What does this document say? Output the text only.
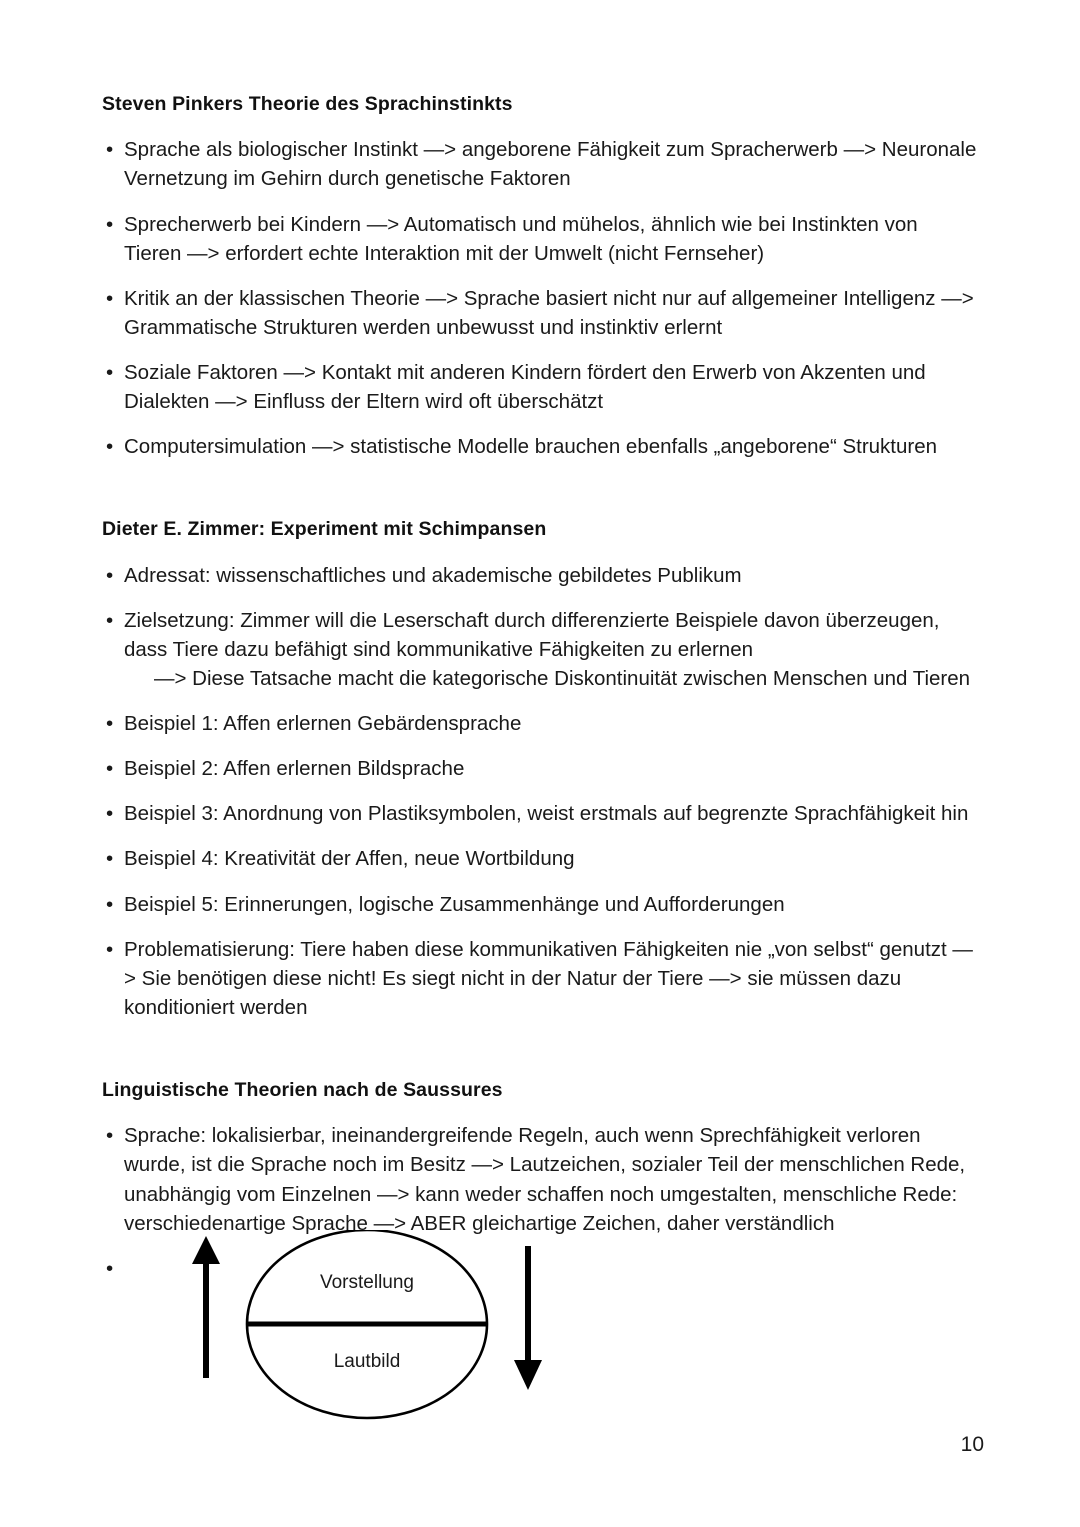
Steven Pinkers Theorie des Sprachinstinkts
• Sprache als biologischer Instinkt —> angeborene Fähigkeit zum Spracherwerb —> Neuronale Vernetzung im Gehirn durch genetische Faktoren
• Sprecherwerb bei Kindern —> Automatisch und mühelos, ähnlich wie bei Instinkten von Tieren —> erfordert echte Interaktion mit der Umwelt (nicht Fernseher)
• Kritik an der klassischen Theorie —> Sprache basiert nicht nur auf allgemeiner Intelligenz —> Grammatische Strukturen werden unbewusst und instinktiv erlernt
• Soziale Faktoren —> Kontakt mit anderen Kindern fördert den Erwerb von Akzenten und Dialekten —> Einfluss der Eltern wird oft überschätzt
• Computersimulation —> statistische Modelle brauchen ebenfalls „angeborene“ Strukturen
Dieter E. Zimmer: Experiment mit Schimpansen
• Adressat: wissenschaftliches und akademische gebildetes Publikum
• Zielsetzung: Zimmer will die Leserschaft durch differenzierte Beispiele davon überzeugen, dass Tiere dazu befähigt sind kommunikative Fähigkeiten zu erlernen
—> Diese Tatsache macht die kategorische Diskontinuität zwischen Menschen und Tieren
• Beispiel 1: Affen erlernen Gebärdensprache
• Beispiel 2: Affen erlernen Bildsprache
• Beispiel 3: Anordnung von Plastiksymbolen, weist erstmals auf begrenzte Sprachfähigkeit hin
• Beispiel 4: Kreativität der Affen, neue Wortbildung
• Beispiel 5: Erinnerungen, logische Zusammenhänge und Aufforderungen
• Problematisierung: Tiere haben diese kommunikativen Fähigkeiten nie „von selbst“ genutzt —> Sie benötigen diese nicht! Es siegt nicht in der Natur der Tiere —> sie müssen dazu konditioniert werden
Linguistische Theorien nach de Saussures
• Sprache: lokalisierbar, ineinandergreifende Regeln, auch wenn Sprechfähigkeit verloren wurde, ist die Sprache noch im Besitz —> Lautzeichen, sozialer Teil der menschlichen Rede, unabhängig vom Einzelnen —> kann weder schaffen noch umgestalten, menschliche Rede: verschiedenartige Sprache —> ABER gleichartige Zeichen, daher verständlich
•
Vorstellung
Lautbild
10
